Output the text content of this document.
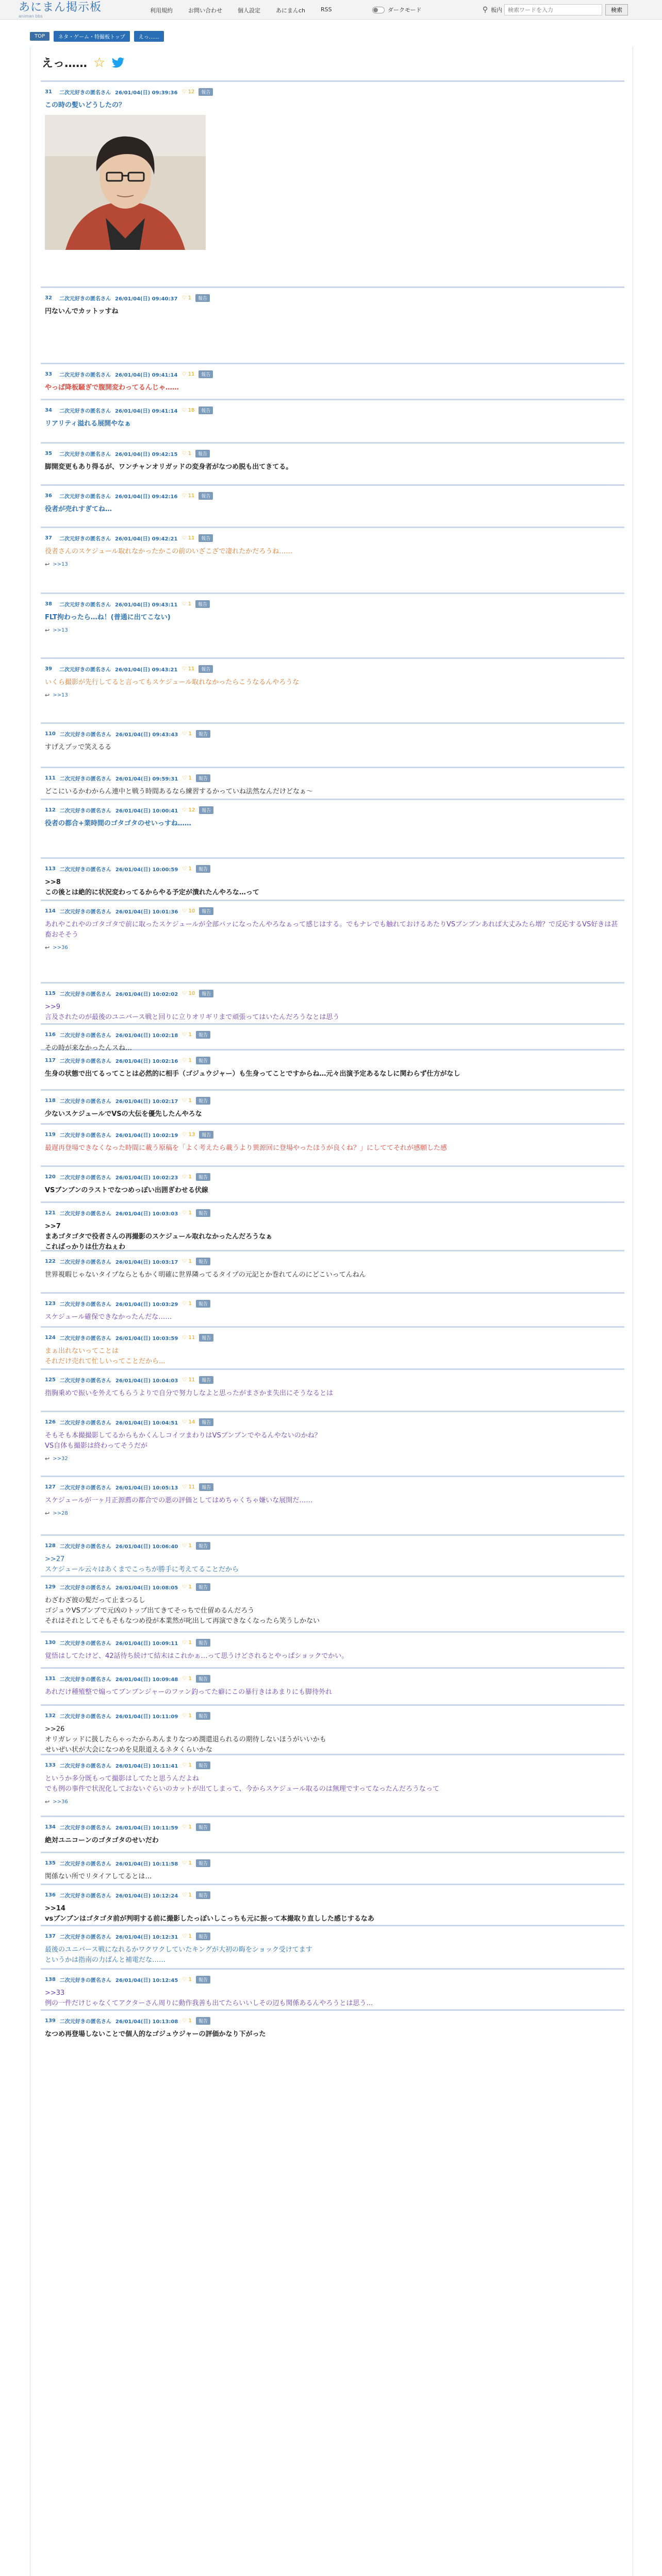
あにまん掲示板
animan bbs
利用規約	お問い合わせ	個人設定	あにまんch	RSS	ダークモード	⚲ 板内
検索ワードを入力	検索
TOP	ネタ・ゲーム・特撮板トップ	えっ……
えっ…… ☆
31	二次元好きの匿名さん 26/01/04(日) 09:39:36 ♡ 12	報告
この時の髪いどうしたの？
32	二次元好きの匿名さん 26/01/04(日) 09:40:37 ♡ 1	報告
円ないんでカットッすね
33	二次元好きの匿名さん 26/01/04(日) 09:41:14 ♡ 11	報告
やっぱ降板騒ぎで腹開変わってるんじゃ……
34	二次元好きの匿名さん 26/01/04(日) 09:41:14 ♡ 18	報告
リアリティ溢れる展開やなぁ
35	二次元好きの匿名さん 26/01/04(日) 09:42:15 ♡ 1	報告
脚開変更もあり得るが、ワンチャンオリガッドの変身者がなつめ脱も出てきてる。
36	二次元好きの匿名さん 26/01/04(日) 09:42:16 ♡ 11	報告
役者が売れすぎてね…
37	二次元好きの匿名さん 26/01/04(日) 09:42:21 ♡ 11	報告
役者さんのスケジュール取れなかったかこの前のいざこざで凄れたかだろうね……
↩ >>13
38	二次元好きの匿名さん 26/01/04(日) 09:43:11 ♡ 1	報告
FLT拘わったら…ね！(普通に出てこない)
↩ >>13
39	二次元好きの匿名さん 26/01/04(日) 09:43:21 ♡ 11	報告
いくら撮影が先行してると言ってもスケジュール取れなかったらこうなるんやろうな
↩ >>13
110 二次元好きの匿名さん 26/01/04(日) 09:43:43 ♡ 1	報告
すげえブッで笑えるる
111 二次元好きの匿名さん 26/01/04(日) 09:59:31 ♡ 1	報告
どこにいるかわからん連中と戦う時間あるなら練習するかっていね法然なんだけどなぁ～
112 二次元好きの匿名さん 26/01/04(日) 10:00:41 ♡ 12	報告
役者の都合+業時間のゴタゴタのせいっすね……
113 二次元好きの匿名さん 26/01/04(日) 10:00:59 ♡ 1	報告
>>8
この後とは絶的に状況変わってるからやる予定が潰れたんやろな…って
114 二次元好きの匿名さん 26/01/04(日) 10:01:36 ♡ 10	報告
あれやこれやのゴタゴタで前に取ったスケジュールが全部パァになったんやろなぁって感じはする。でもナレでも触れておけるあたりVSブンブンあれば大丈みたら増？で反応するVS好きは甚畜おそそう
↩ >>36
115 二次元好きの匿名さん 26/01/04(日) 10:02:02 ♡ 10	報告
>>9
言及されたのが最後のユニバース戦と回りに立りオリギリまで頑張ってはいたんだろうなとは思う
116 二次元好きの匿名さん 26/01/04(日) 10:02:18 ♡ 1	報告
その時が来なかったんスね…
117 二次元好きの匿名さん 26/01/04(日) 10:02:16 ♡ 1	報告
生身の状態で出てるってことは必然的に相手（ゴジュウジャー）も生身ってことですからね…元々出演予定あるなしに関わらず仕方がなし
118 二次元好きの匿名さん 26/01/04(日) 10:02:17 ♡ 1	報告
少ないスケジュールでVSの大伝を優先したんやろな
119 二次元好きの匿名さん 26/01/04(日) 10:02:19 ♡ 13	報告
最遅再登場できなくなった時間に載う原稿を「よく考えたら載うより異源回に登場やったほうが良くね？」にしててそれが感願した感
120 二次元好きの匿名さん 26/01/04(日) 10:02:23 ♡ 1	報告
VSブンブンのラストでなつめっぽい出囲ぎわせる伏線
121 二次元好きの匿名さん 26/01/04(日) 10:03:03 ♡ 1	報告
>>7
まあゴタゴタで役者さんの再撮影のスケジュール取れなかったんだろうなぁ
こればっかりは仕方ねぇわ
122 二次元好きの匿名さん 26/01/04(日) 10:03:17 ♡ 1	報告
世界視暇じゃないタイプならともかく明確に世界隣ってるタイプの元記とか巻れてんのにどこいってんねん
123 二次元好きの匿名さん 26/01/04(日) 10:03:29 ♡ 1	報告
スケジュール確保できなかったんだな……
124 二次元好きの匿名さん 26/01/04(日) 10:03:59 ♡ 11	報告
まぁ出れないってことは
それだけ売れて忙しいってことだから...
125 二次元好きの匿名さん 26/01/04(日) 10:04:03 ♡ 11	報告
指胸乗めで振いを外えてもらうよりで自分で努力しなよと思ったがまさかま失出にそうなるとは
126 二次元好きの匿名さん 26/01/04(日) 10:04:51 ♡ 14	報告
そもそも本撮撮影してるからもかくんしコイツまわりはVSブンブンでやるんやないのかね？
VS自体も撮影は終わってそうだが
↩ >>32
127 二次元好きの匿名さん 26/01/04(日) 10:05:13 ♡ 11	報告
スケジュールが一ヶ月正源薦の都合での悪の評価としてはめちゃくちゃ嫌いな展開だ……
↩ >>28
128 二次元好きの匿名さん 26/01/04(日) 10:06:40 ♡ 1	報告
>>27
スケジュール云々はあくまでこっちが勝手に考えてることだから
129 二次元好きの匿名さん 26/01/04(日) 10:08:05 ♡ 1	報告
わざわざ彼の髪だって止まつるし
ゴジュウVSブンブで元凶のトップ出てきてそっちで仕留めるんだろう
それはそれとしてそもそもなつめ役が本業然が叱出して再演できなくなったら笑うしかない
130 二次元好きの匿名さん 26/01/04(日) 10:09:11 ♡ 1	報告
覚悟はしてたけど、42話待ち続けて結末はこれかぁ…って思うけどされるとやっぱショックでかい。
131 二次元好きの匿名さん 26/01/04(日) 10:09:48 ♡ 1	報告
あれだけ種殖整で煽ってブンブンジャーのファン釣ってた癖にこの暴行きはあまりにも脚待外れ
132 二次元好きの匿名さん 26/01/04(日) 10:11:09 ♡ 1	報告
>>26
オリガレッドに扱したらゃったからあんまりなつめ潤還退られるの期待しないほうがいいかも
せいぜい状が大会になつめを見限道えるネタくらいかな
133 二次元好きの匿名さん 26/01/04(日) 10:11:41 ♡ 1	報告
というか多分既もって撮影はしてたと思うんだよね
でも例の事件で状況化しておないぐらいのカットが出てしまって、今からスケジュール取るのは無理ですってなったんだろうなって
↩ >>36
134 二次元好きの匿名さん 26/01/04(日) 10:11:59 ♡ 1	報告
絶対ユニコーンのゴタゴタのせいだわ
135 二次元好きの匿名さん 26/01/04(日) 10:11:58 ♡ 1	報告
関係ない所でリタイアしてるとは…
136 二次元好きの匿名さん 26/01/04(日) 10:12:24 ♡ 1	報告
>>14
vsブンブンはゴタゴタ前が判明する前に撮影したっぽいしこっちも元に振って本撮取り直しした感じするなあ
137 二次元好きの匿名さん 26/01/04(日) 10:12:31 ♡ 1	報告
最後のユニバース戦になれるかワクワクしていたキングが大初の晦をショック受けてます
というかは指南の力ばんと補電だな……
138 二次元好きの匿名さん 26/01/04(日) 10:12:45 ♡ 1	報告
>>33
例の一件だけじゃなくてアクターさん周りに動作我善も出てたらいいしその辺も関係あるんやろうとは思う…
139 二次元好きの匿名さん 26/01/04(日) 10:13:08 ♡ 1	報告
なつめ再登場しないことで個人的なゴジュウジャーの評価かなり下がった
